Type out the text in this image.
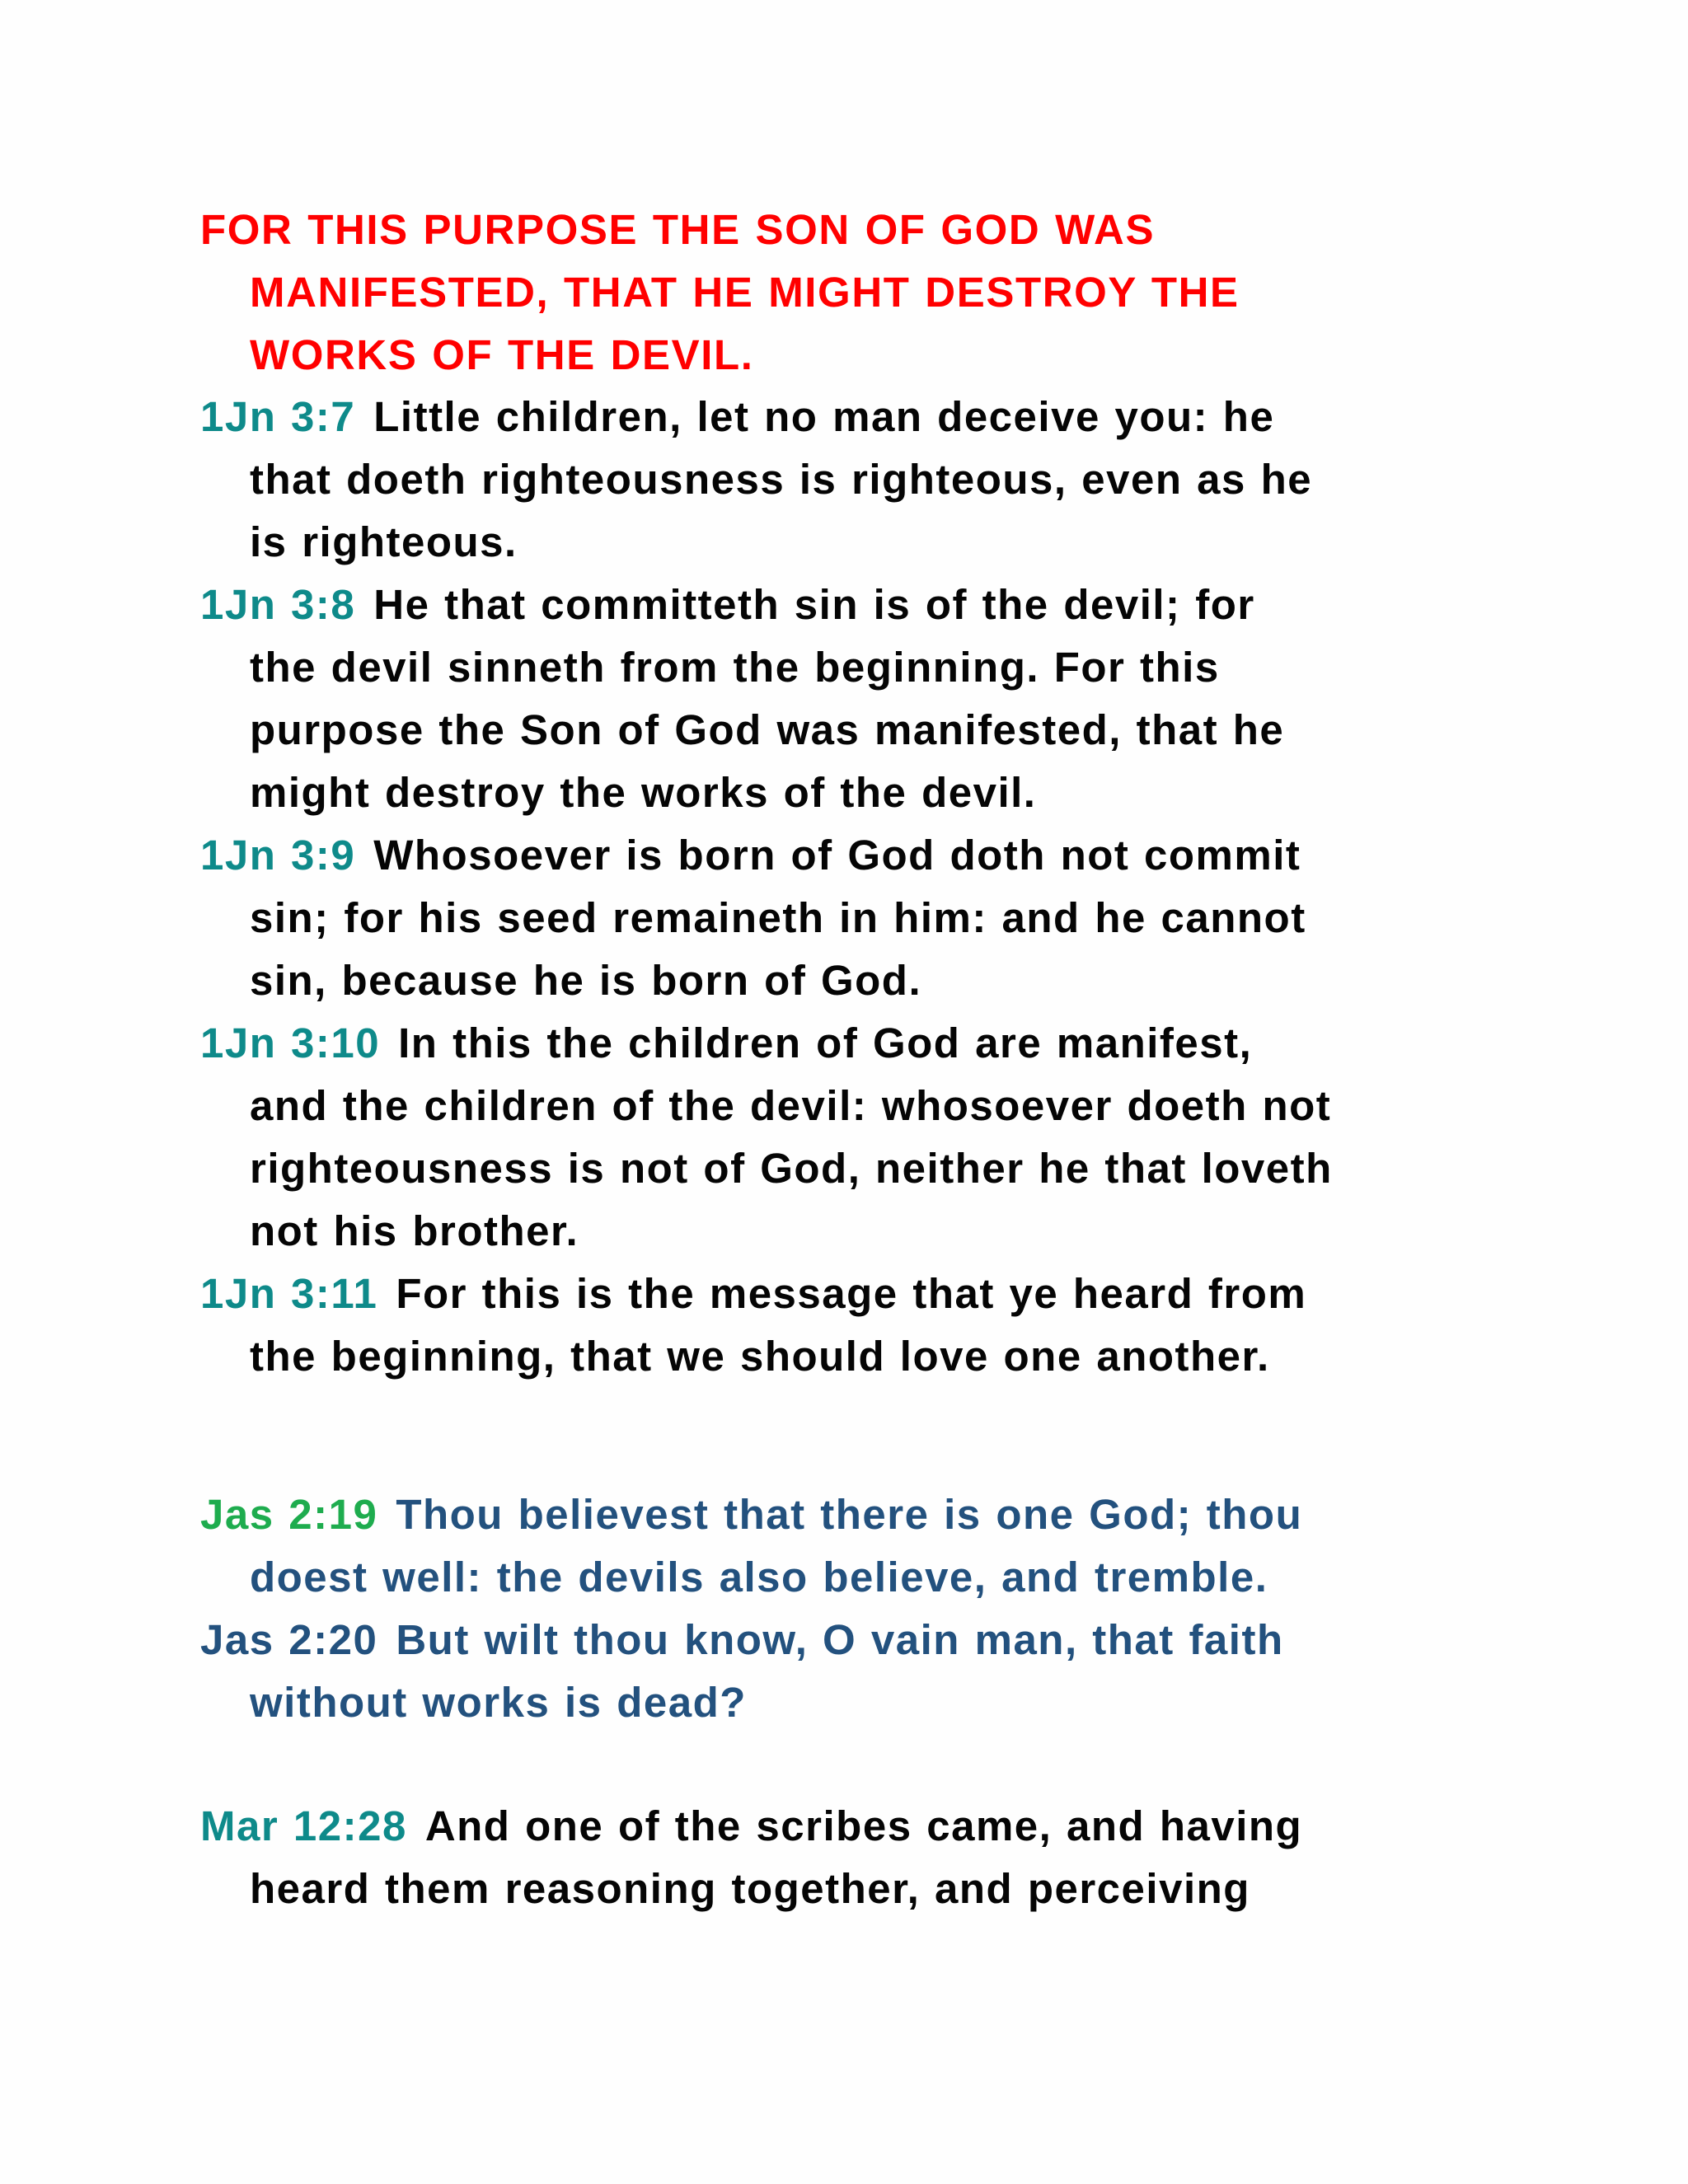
FOR THIS PURPOSE THE SON OF GOD WAS
MANIFESTED, THAT HE MIGHT DESTROY THE
WORKS OF THE DEVIL.
1Jn 3:7 Little children, let no man deceive you: he
that doeth righteousness is righteous, even as he
is righteous.
1Jn 3:8 He that committeth sin is of the devil; for
the devil sinneth from the beginning. For this
purpose the Son of God was manifested, that he
might destroy the works of the devil.
1Jn 3:9 Whosoever is born of God doth not commit
sin; for his seed remaineth in him: and he cannot
sin, because he is born of God.
1Jn 3:10 In this the children of God are manifest,
and the children of the devil: whosoever doeth not
righteousness is not of God, neither he that loveth
not his brother.
1Jn 3:11 For this is the message that ye heard from
the beginning, that we should love one another.
Jas 2:19 Thou believest that there is one God; thou
doest well: the devils also believe, and tremble.
Jas 2:20 But wilt thou know, O vain man, that faith
without works is dead?
Mar 12:28 And one of the scribes came, and having
heard them reasoning together, and perceiving
